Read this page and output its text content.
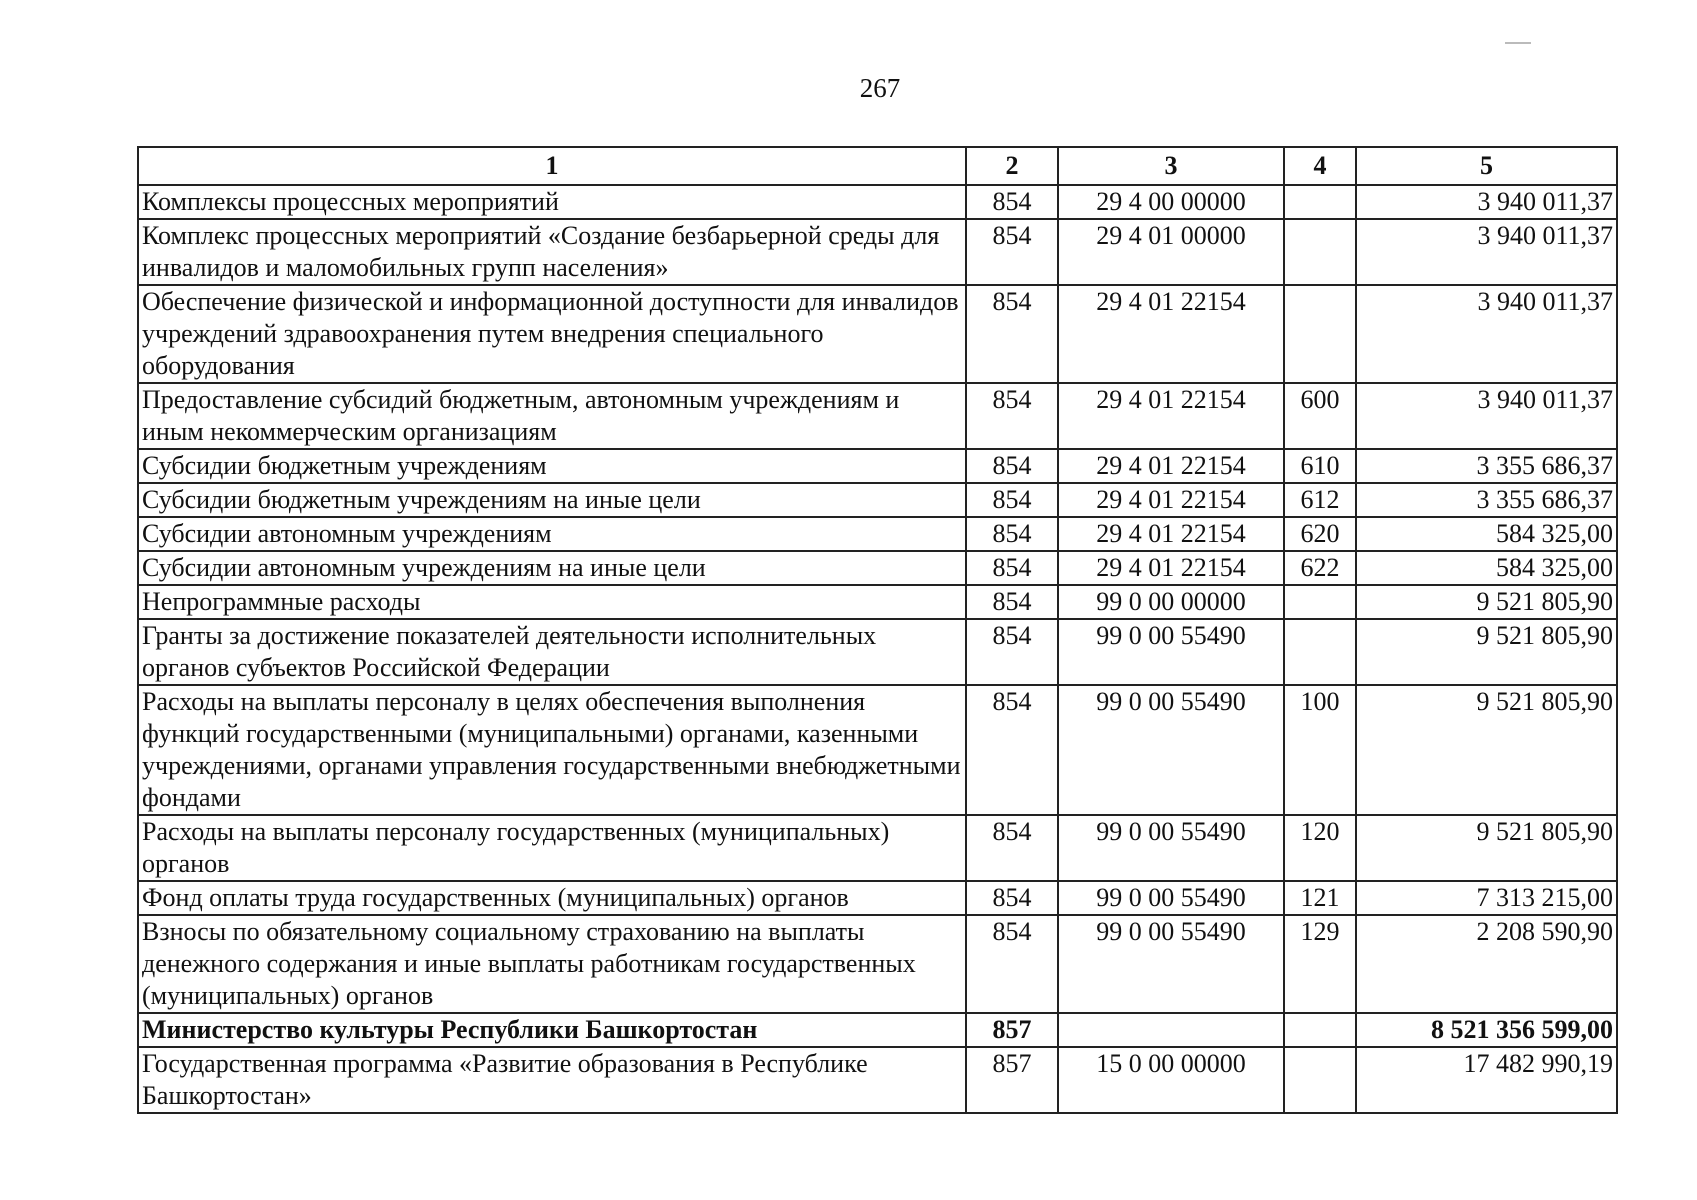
267
1	2	3	4	5
Комплексы процессных мероприятий	854	29 4 00 00000		3 940 011,37
Комплекс процессных мероприятий «Создание безбарьерной среды для инвалидов и маломобильных групп населения»	854	29 4 01 00000		3 940 011,37
Обеспечение физической и информационной доступности для инвалидов учреждений здравоохранения путем внедрения специального оборудования	854	29 4 01 22154		3 940 011,37
Предоставление субсидий бюджетным, автономным учреждениям и иным некоммерческим организациям	854	29 4 01 22154	600	3 940 011,37
Субсидии бюджетным учреждениям	854	29 4 01 22154	610	3 355 686,37
Субсидии бюджетным учреждениям на иные цели	854	29 4 01 22154	612	3 355 686,37
Субсидии автономным учреждениям	854	29 4 01 22154	620	584 325,00
Субсидии автономным учреждениям на иные цели	854	29 4 01 22154	622	584 325,00
Непрограммные расходы	854	99 0 00 00000		9 521 805,90
Гранты за достижение показателей деятельности исполнительных органов субъектов Российской Федерации	854	99 0 00 55490		9 521 805,90
Расходы на выплаты персоналу в целях обеспечения выполнения функций государственными (муниципальными) органами, казенными учреждениями, органами управления государственными внебюджетными фондами	854	99 0 00 55490	100	9 521 805,90
Расходы на выплаты персоналу государственных (муниципальных) органов	854	99 0 00 55490	120	9 521 805,90
Фонд оплаты труда государственных (муниципальных) органов	854	99 0 00 55490	121	7 313 215,00
Взносы по обязательному социальному страхованию на выплаты денежного содержания и иные выплаты работникам государственных (муниципальных) органов	854	99 0 00 55490	129	2 208 590,90
Министерство культуры Республики Башкортостан	857			8 521 356 599,00
Государственная программа «Развитие образования в Республике Башкортостан»	857	15 0 00 00000		17 482 990,19
